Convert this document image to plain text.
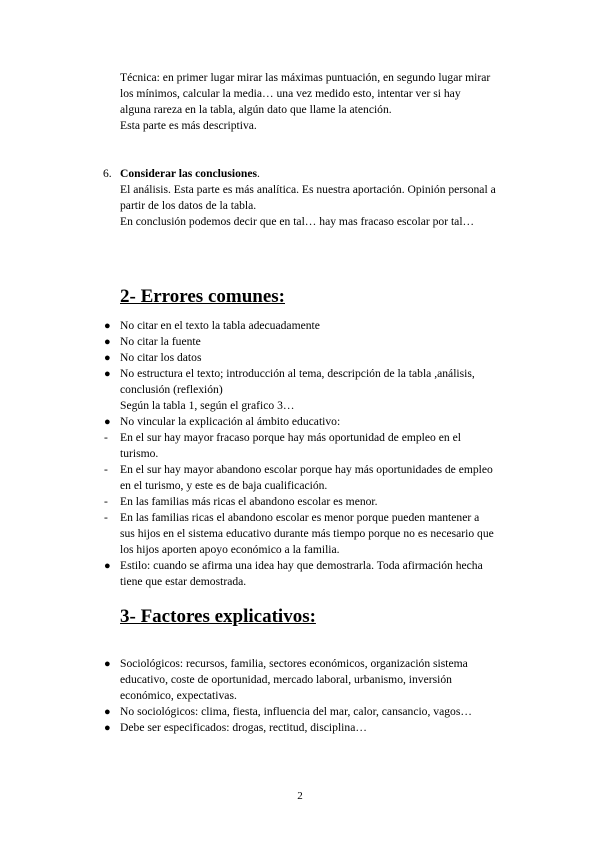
Técnica: en primer lugar mirar las máximas puntuación, en segundo lugar mirar
los mínimos, calcular la media… una vez medido esto, intentar ver si hay
alguna rareza en la tabla, algún dato que llame la atención.
Esta parte es más descriptiva.
6. Considerar las conclusiones.
El análisis. Esta parte es más analítica. Es nuestra aportación. Opinión personal a
partir de los datos de la tabla.
En conclusión podemos decir que en tal… hay mas fracaso escolar por tal…
2- Errores comunes:
● No citar en el texto la tabla adecuadamente
● No citar la fuente
● No citar los datos
● No estructura el texto; introducción al tema, descripción de la tabla ,análisis,
conclusión (reflexión)
Según la tabla 1, según el grafico 3…
● No vincular la explicación al ámbito educativo:
- En el sur hay mayor fracaso porque hay más oportunidad de empleo en el
turismo.
- En el sur hay mayor abandono escolar porque hay más oportunidades de empleo
en el turismo, y este es de baja cualificación.
- En las familias más ricas el abandono escolar es menor.
- En las familias ricas el abandono escolar es menor porque pueden mantener a
sus hijos en el sistema educativo durante más tiempo porque no es necesario que
los hijos aporten apoyo económico a la familia.
● Estilo: cuando se afirma una idea hay que demostrarla. Toda afirmación hecha
tiene que estar demostrada.
3- Factores explicativos:
● Sociológicos: recursos, familia, sectores económicos, organización sistema
educativo, coste de oportunidad, mercado laboral, urbanismo, inversión
económico, expectativas.
● No sociológicos: clima, fiesta, influencia del mar, calor, cansancio, vagos…
● Debe ser especificados: drogas, rectitud, disciplina…
2
